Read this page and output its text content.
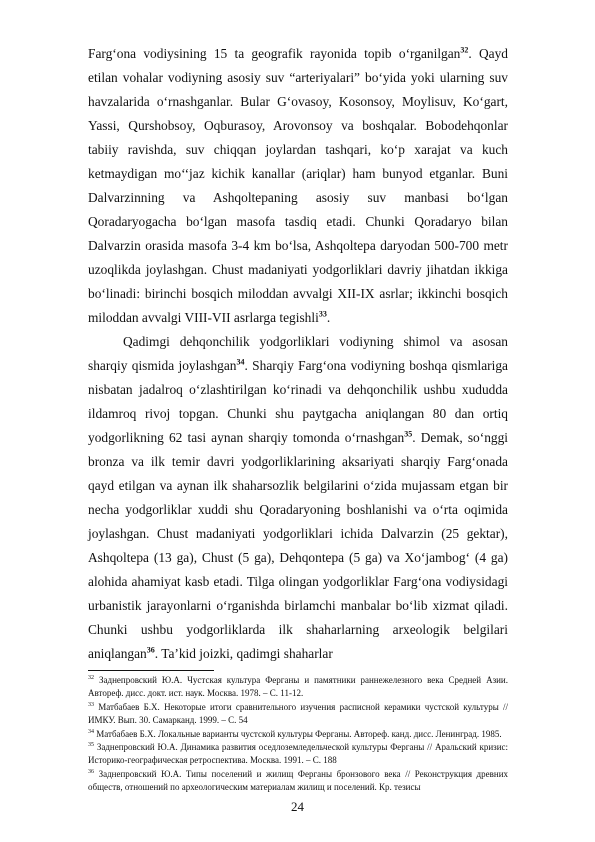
Farg‘ona vodiysining 15 ta geografik rayonida topib o‘rganilgan$^{32}$. Qayd etilan vohalar vodiyning asosiy suv “arteriyalari” bo‘yida yoki ularning suv havzalarida o‘rnashganlar. Bular G‘ovasoy, Kosonsoy, Moylisuv, Ko‘gart, Yassi, Qurshobsoy, Oqburasoy, Arovonsoy va boshqalar. Bobodehqonlar tabiiy ravishda, suv chiqqan joylardan tashqari, ko‘p xarajat va kuch ketmaydigan mo‘‘jaz kichik kanallar (ariqlar) ham bunyod etganlar. Buni Dalvarzinning va Ashqoltepaning asosiy suv manbasi bo‘lgan Qoradaryogacha bo‘lgan masofa tasdiq etadi. Chunki Qoradaryo bilan Dalvarzin orasida masofa 3-4 km bo‘lsa, Ashqoltepa daryodan 500-700 metr uzoqlikda joylashgan. Chust madaniyati yodgorliklari davriy jihatdan ikkiga bo‘linadi: birinchi bosqich miloddan avvalgi XII-IX asrlar; ikkinchi bosqich miloddan avvalgi VIII-VII asrlarga tegishli$^{33}$.

Qadimgi dehqonchilik yodgorliklari vodiyning shimol va asosan sharqiy qismida joylashgan$^{34}$. Sharqiy Farg‘ona vodiyning boshqa qismlariga nisbatan jadalroq o‘zlashtirilgan ko‘rinadi va dehqonchilik ushbu xududda ildamroq rivoj topgan. Chunki shu paytgacha aniqlangan 80 dan ortiq yodgorlikning 62 tasi aynan sharqiy tomonda o‘rnashgan$^{35}$. Demak, so‘nggi bronza va ilk temir davri yodgorliklarining aksariyati sharqiy Farg‘onada qayd etilgan va aynan ilk shaharsozlik belgilarini o‘zida mujassam etgan bir necha yodgorliklar xuddi shu Qoradaryoning boshlanishi va o‘rta oqimida joylashgan. Chust madaniyati yodgorliklari ichida Dalvarzin (25 gektar), Ashqoltepa (13 ga), Chust (5 ga), Dehqontepa (5 ga) va Xo‘jambog‘ (4 ga) alohida ahamiyat kasb etadi. Tilga olingan yodgorliklar Farg‘ona vodiysidagi urbanistik jarayonlarni o‘rganishda birlamchi manbalar bo‘lib xizmat qiladi. Chunki ushbu yodgorliklarda ilk shaharlarning arxeologik belgilari aniqlangan$^{36}$. Ta’kid joizki, qadimgi shaharlar

$^{32}$ Заднепровский Ю.А. Чустская культура Ферганы и памятники раннежелезного века Средней Азии. Автореф. дисс. докт. ист. наук. Москва. 1978. – С. 11-12.

$^{33}$ Матбабаев Б.Х. Некоторые итоги сравнительного изучения расписной керамики чустской культуры // ИМКУ. Вып. 30. Самарканд. 1999. – С. 54

$^{34}$ Матбабаев Б.Х. Локальные варианты чустской культуры Ферганы. Автореф. канд. дисс. Ленинград. 1985.

$^{35}$ Заднепровский Ю.А. Динамика развития оседлоземледельческой культуры Ферганы // Аральский кризис: Историко-географическая ретроспектива. Москва. 1991. – С. 188

$^{36}$ Заднепровский Ю.А. Типы поселений и жилищ Ферганы бронзового века // Реконструкция древних обществ, отношений по археологическим материалам жилищ и поселений. Кр. тезисы

24
